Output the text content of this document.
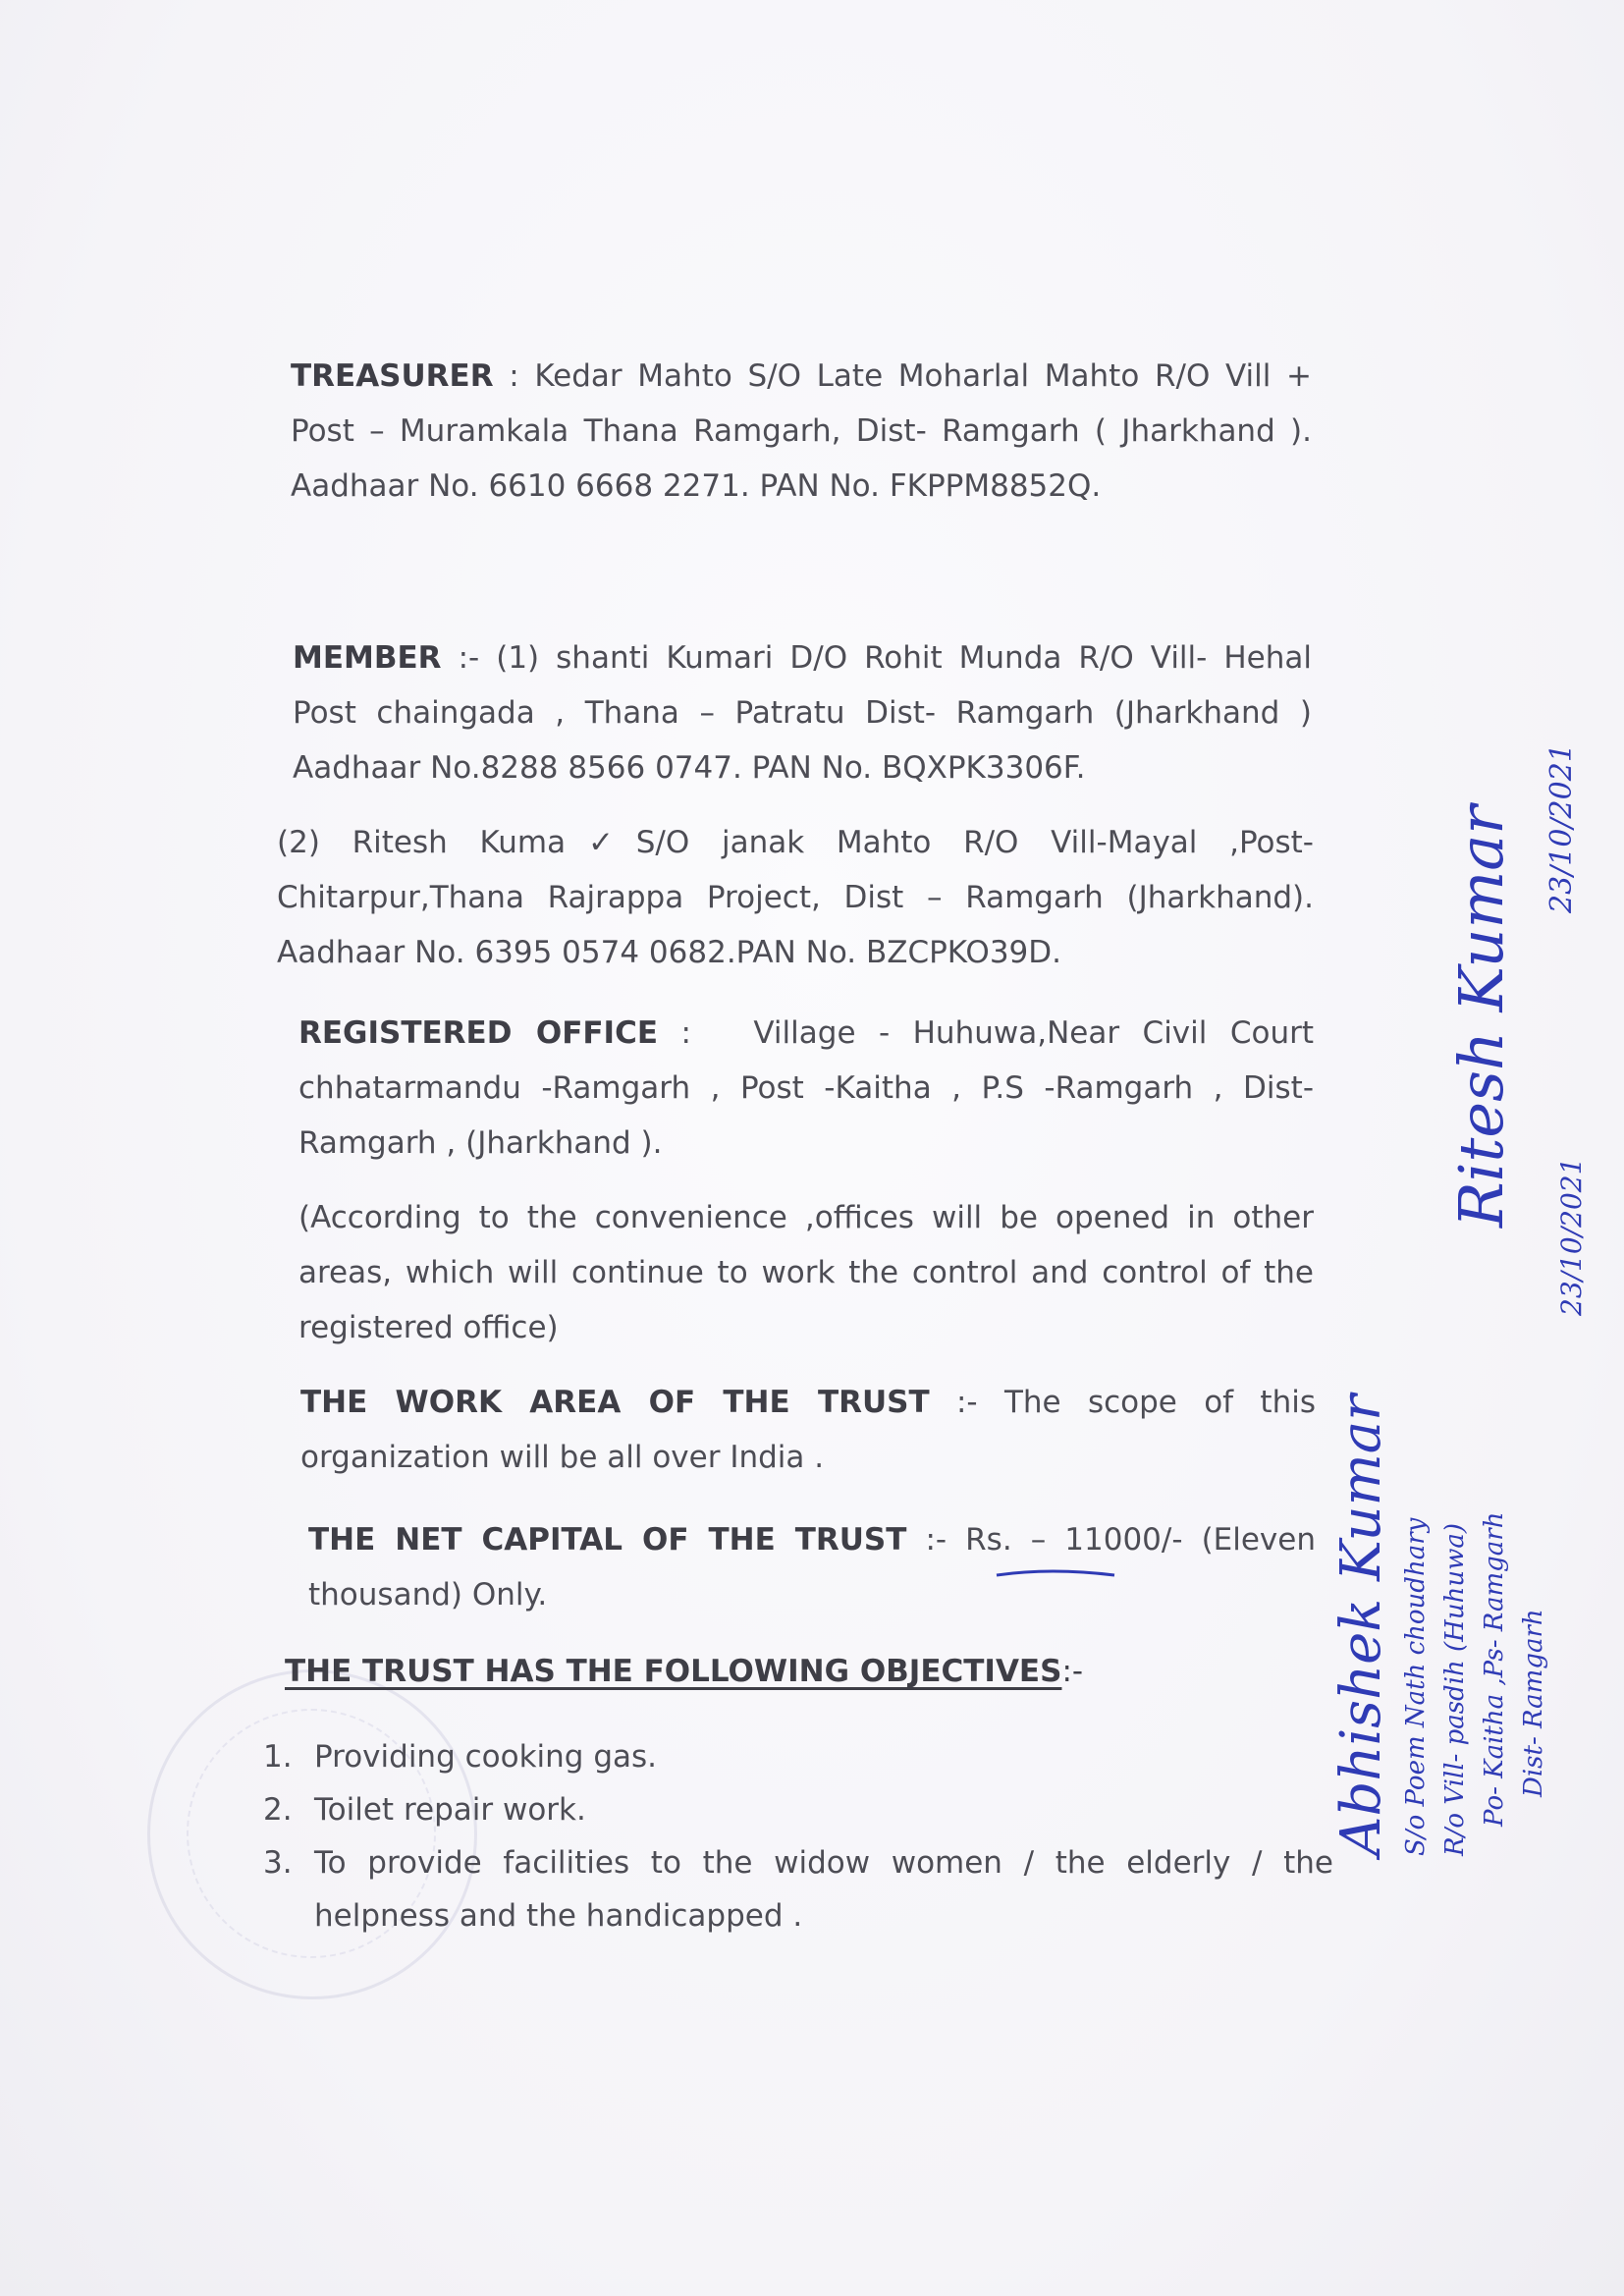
TREASURER : Kedar Mahto S/O Late Moharlal Mahto R/O Vill + Post – Muramkala Thana Ramgarh, Dist- Ramgarh ( Jharkhand ). Aadhaar No. 6610 6668 2271. PAN No. FKPPM8852Q.

MEMBER :- (1) shanti Kumari D/O Rohit Munda R/O Vill- Hehal Post chaingada , Thana – Patratu Dist- Ramgarh (Jharkhand ) Aadhaar No.8288 8566 0747. PAN No. BQXPK3306F.

(2) Ritesh Kuma✓S/O janak Mahto R/O Vill-Mayal ,Post-Chitarpur,Thana Rajrappa Project, Dist – Ramgarh (Jharkhand). Aadhaar No. 6395 0574 0682.PAN No. BZCPKO39D.

REGISTERED OFFICE : Village - Huhuwa,Near Civil Court chhatarmandu -Ramgarh , Post -Kaitha , P.S -Ramgarh , Dist-Ramgarh , (Jharkhand ).

(According to the convenience ,offices will be opened in other areas, which will continue to work the control and control of the registered office)

THE WORK AREA OF THE TRUST :- The scope of this organization will be all over India .

THE NET CAPITAL OF THE TRUST :- Rs. – 11000/- (Eleven thousand) Only.

THE TRUST HAS THE FOLLOWING OBJECTIVES:-
1. Providing cooking gas.
2. Toilet repair work.
3. To provide facilities to the widow women / the elderly / the helpness and the handicapped .
23/10/2021
Ritesh Kumar
23/10/2021
Abhishek Kumar S/o Poem Nath choudhary R/o Vill- pasdih (Huhuwa) Po- Kaitha ,Ps- Ramgarh Dist- Ramgarh
